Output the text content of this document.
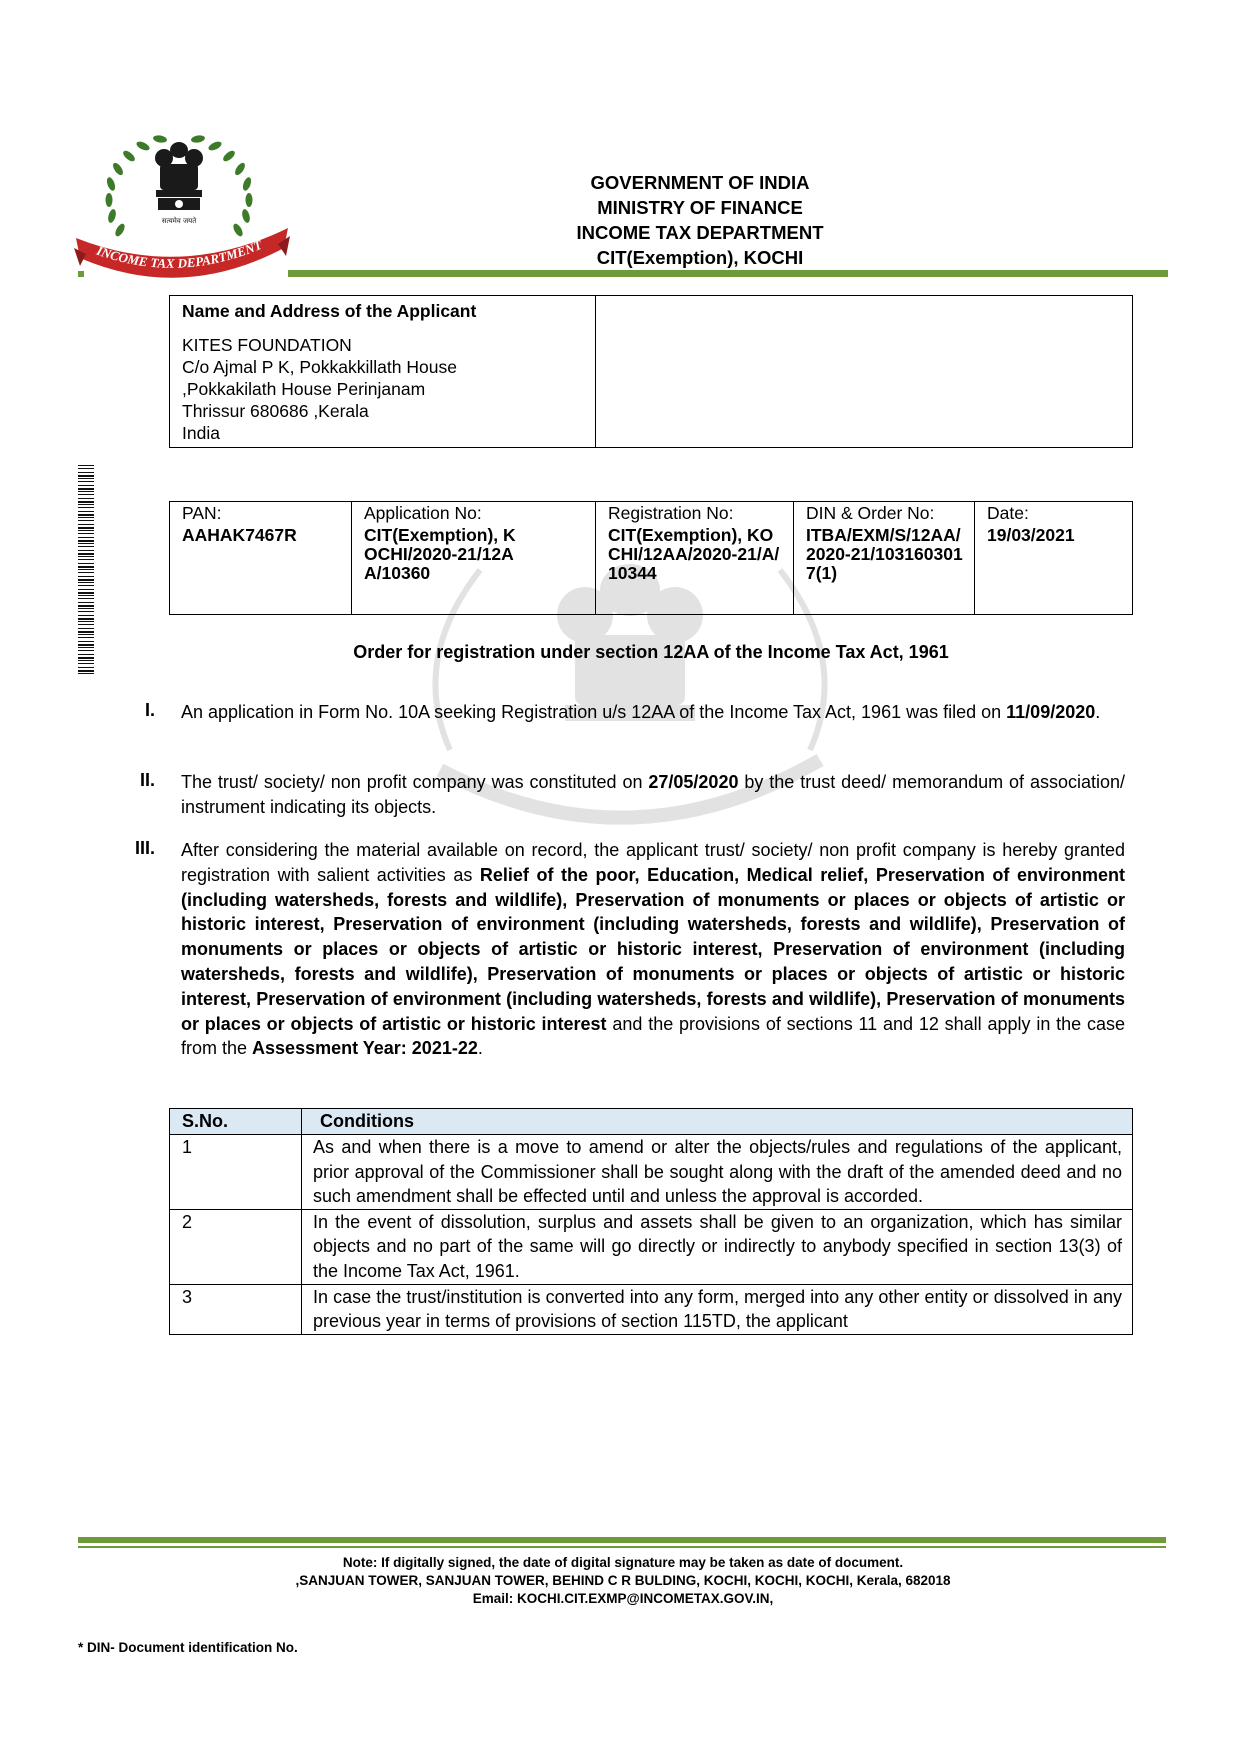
सत्यमेव जयते
INCOME TAX DEPARTMENT
GOVERNMENT OF INDIA
MINISTRY OF FINANCE
INCOME TAX DEPARTMENT
CIT(Exemption), KOCHI
Name and Address of the Applicant
KITES FOUNDATION
C/o Ajmal P K, Pokkakkillath House
,Pokkakilath House Perinjanam
Thrissur 680686 ,Kerala
India
PAN:
AAHAK7467R

Application No:
CIT(Exemption), KOCHI/2020-21/12AA/10360

Registration No:
CIT(Exemption), KOCHI/12AA/2020-21/A/10344

DIN & Order No:
ITBA/EXM/S/12AA/2020-21/1031603017(1)

Date:
19/03/2021
Order for registration under section 12AA of the Income Tax Act, 1961
I. An application in Form No. 10A seeking Registration u/s 12AA of the Income Tax Act, 1961 was filed on 11/09/2020.
II. The trust/ society/ non profit company was constituted on 27/05/2020 by the trust deed/ memorandum of association/ instrument indicating its objects.
III. After considering the material available on record, the applicant trust/ society/ non profit company is hereby granted registration with salient activities as Relief of the poor, Education, Medical relief, Preservation of environment (including watersheds, forests and wildlife), Preservation of monuments or places or objects of artistic or historic interest, Preservation of environment (including watersheds, forests and wildlife), Preservation of monuments or places or objects of artistic or historic interest, Preservation of environment (including watersheds, forests and wildlife), Preservation of monuments or places or objects of artistic or historic interest, Preservation of environment (including watersheds, forests and wildlife), Preservation of monuments or places or objects of artistic or historic interest and the provisions of sections 11 and 12 shall apply in the case from the Assessment Year: 2021-22.
S.No.	Conditions
1	As and when there is a move to amend or alter the objects/rules and regulations of the applicant, prior approval of the Commissioner shall be sought along with the draft of the amended deed and no such amendment shall be effected until and unless the approval is accorded.
2	In the event of dissolution, surplus and assets shall be given to an organization, which has similar objects and no part of the same will go directly or indirectly to anybody specified in section 13(3) of the Income Tax Act, 1961.
3	In case the trust/institution is converted into any form, merged into any other entity or dissolved in any previous year in terms of provisions of section 115TD, the applicant
Note: If digitally signed, the date of digital signature may be taken as date of document.
,SANJUAN TOWER, SANJUAN TOWER, BEHIND C R BULDING, KOCHI, KOCHI, KOCHI, Kerala, 682018
Email: KOCHI.CIT.EXMP@INCOMETAX.GOV.IN,
* DIN- Document identification No.
